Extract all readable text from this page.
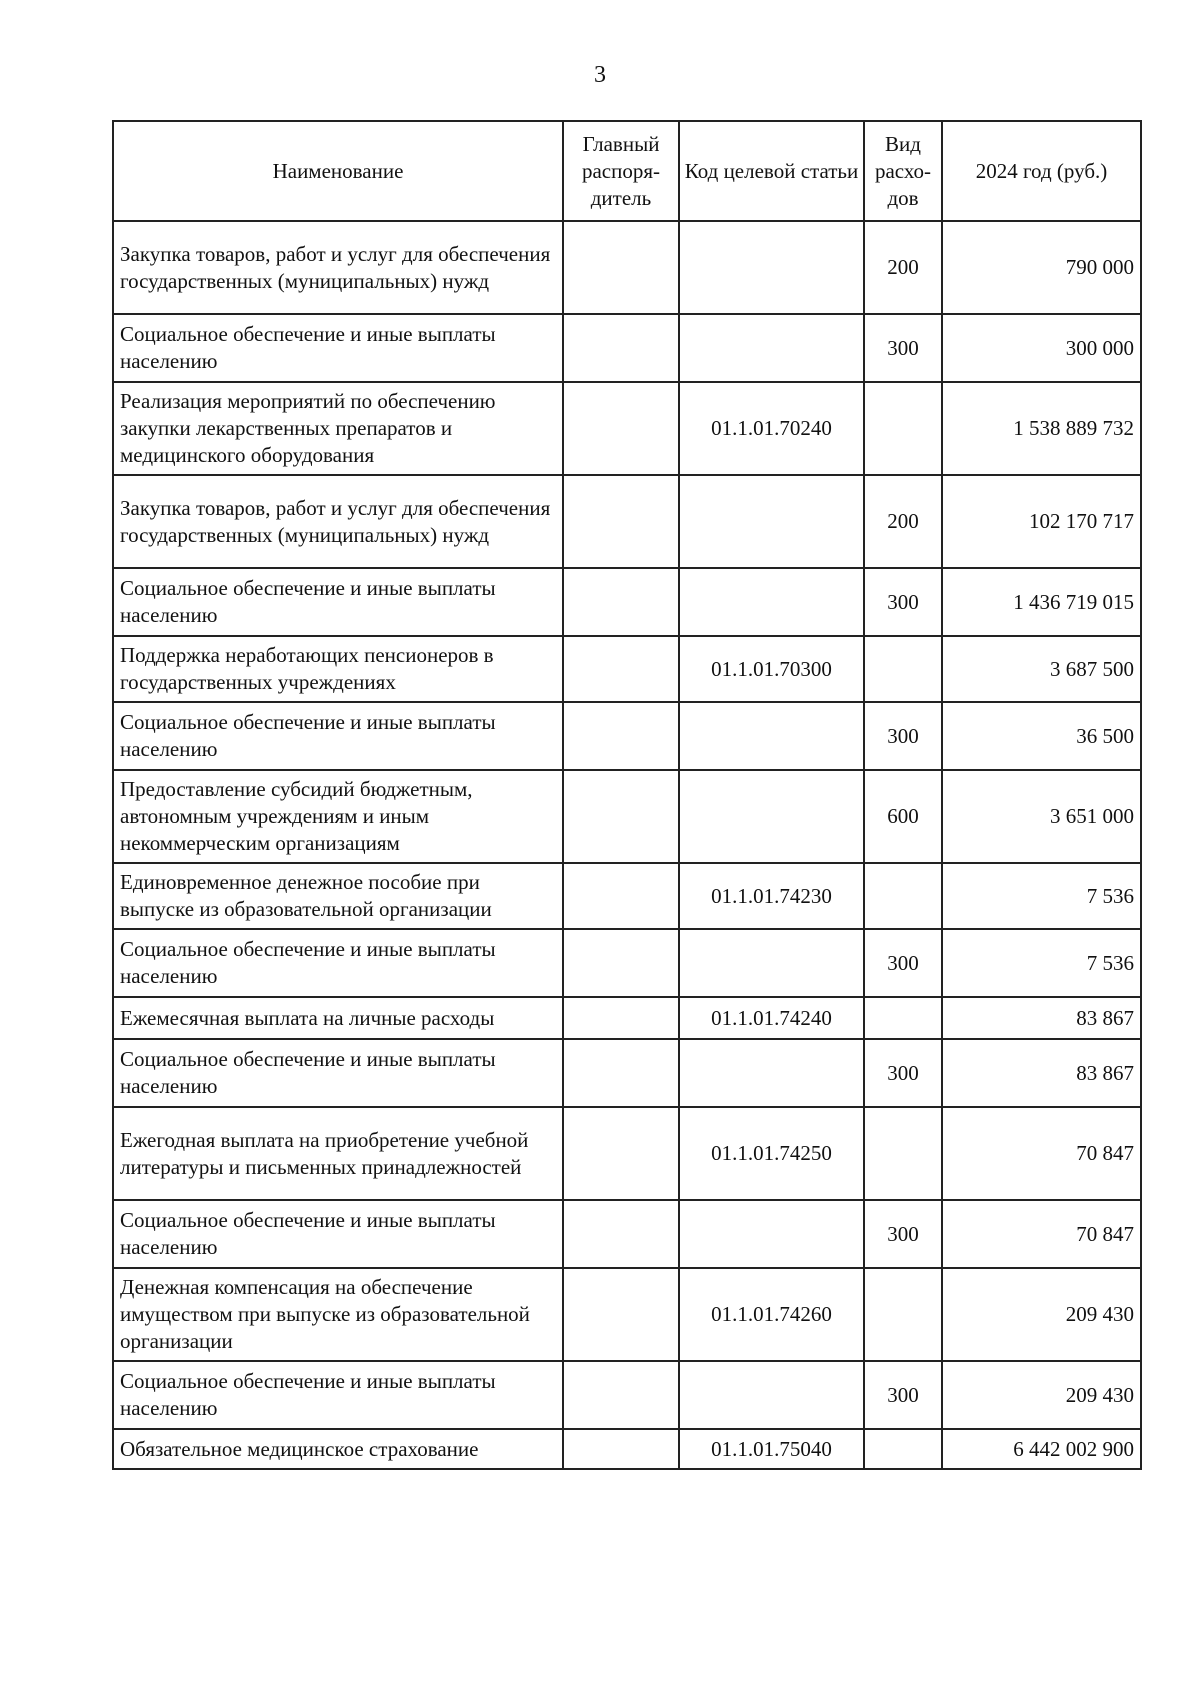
3
Наименование	Главный распоря-дитель	Код целевой статьи	Вид расхо-дов	2024 год (руб.)
Закупка товаров, работ и услуг для обеспечения государственных (муниципальных) нужд			200	790 000
Социальное обеспечение и иные выплаты населению			300	300 000
Реализация мероприятий по обеспечению закупки лекарственных препаратов и медицинского оборудования		01.1.01.70240		1 538 889 732
Закупка товаров, работ и услуг для обеспечения государственных (муниципальных) нужд			200	102 170 717
Социальное обеспечение и иные выплаты населению			300	1 436 719 015
Поддержка неработающих пенсионеров в государственных учреждениях		01.1.01.70300		3 687 500
Социальное обеспечение и иные выплаты населению			300	36 500
Предоставление субсидий бюджетным, автономным учреждениям и иным некоммерческим организациям			600	3 651 000
Единовременное денежное пособие при выпуске из образовательной организации		01.1.01.74230		7 536
Социальное обеспечение и иные выплаты населению			300	7 536
Ежемесячная выплата на личные расходы		01.1.01.74240		83 867
Социальное обеспечение и иные выплаты населению			300	83 867
Ежегодная выплата на приобретение учебной литературы и письменных принадлежностей		01.1.01.74250		70 847
Социальное обеспечение и иные выплаты населению			300	70 847
Денежная компенсация на обеспечение имуществом при выпуске из образовательной организации		01.1.01.74260		209 430
Социальное обеспечение и иные выплаты населению			300	209 430
Обязательное медицинское страхование		01.1.01.75040		6 442 002 900
